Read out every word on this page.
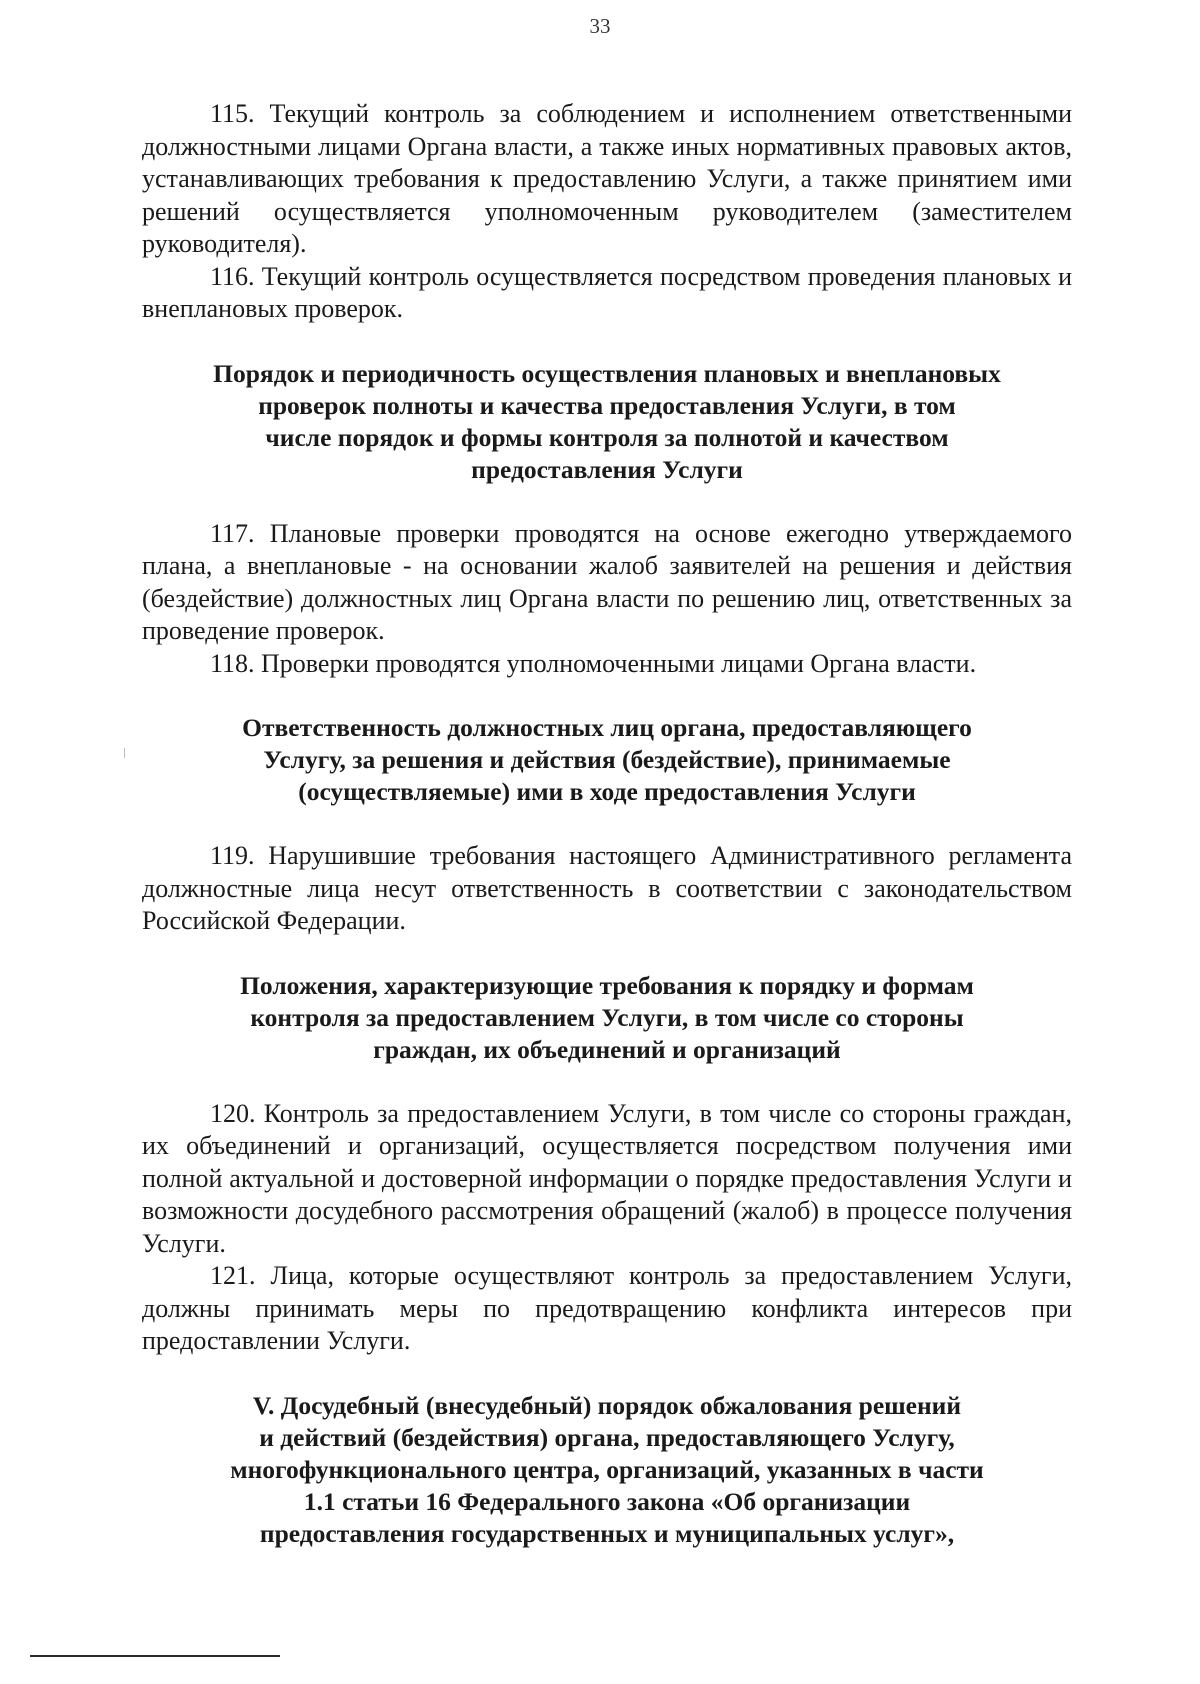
33

115. Текущий контроль за соблюдением и исполнением ответственными должностными лицами Органа власти, а также иных нормативных правовых актов, устанавливающих требования к предоставлению Услуги, а также принятием ими решений осуществляется уполномоченным руководителем (заместителем руководителя).

116. Текущий контроль осуществляется посредством проведения плановых и внеплановых проверок.

Порядок и периодичность осуществления плановых и внеплановых
проверок полноты и качества предоставления Услуги, в том
числе порядок и формы контроля за полнотой и качеством
предоставления Услуги

117. Плановые проверки проводятся на основе ежегодно утверждаемого плана, а внеплановые - на основании жалоб заявителей на решения и действия (бездействие) должностных лиц Органа власти по решению лиц, ответственных за проведение проверок.

118. Проверки проводятся уполномоченными лицами Органа власти.

Ответственность должностных лиц органа, предоставляющего
Услугу, за решения и действия (бездействие), принимаемые
(осуществляемые) ими в ходе предоставления Услуги

119. Нарушившие требования настоящего Административного регламента должностные лица несут ответственность в соответствии с законодательством Российской Федерации.

Положения, характеризующие требования к порядку и формам
контроля за предоставлением Услуги, в том числе со стороны
граждан, их объединений и организаций

120. Контроль за предоставлением Услуги, в том числе со стороны граждан, их объединений и организаций, осуществляется посредством получения ими полной актуальной и достоверной информации о порядке предоставления Услуги и возможности досудебного рассмотрения обращений (жалоб) в процессе получения Услуги.

121. Лица, которые осуществляют контроль за предоставлением Услуги, должны принимать меры по предотвращению конфликта интересов при предоставлении Услуги.

V. Досудебный (внесудебный) порядок обжалования решений
и действий (бездействия) органа, предоставляющего Услугу,
многофункционального центра, организаций, указанных в части
1.1 статьи 16 Федерального закона «Об организации
предоставления государственных и муниципальных услуг»,
